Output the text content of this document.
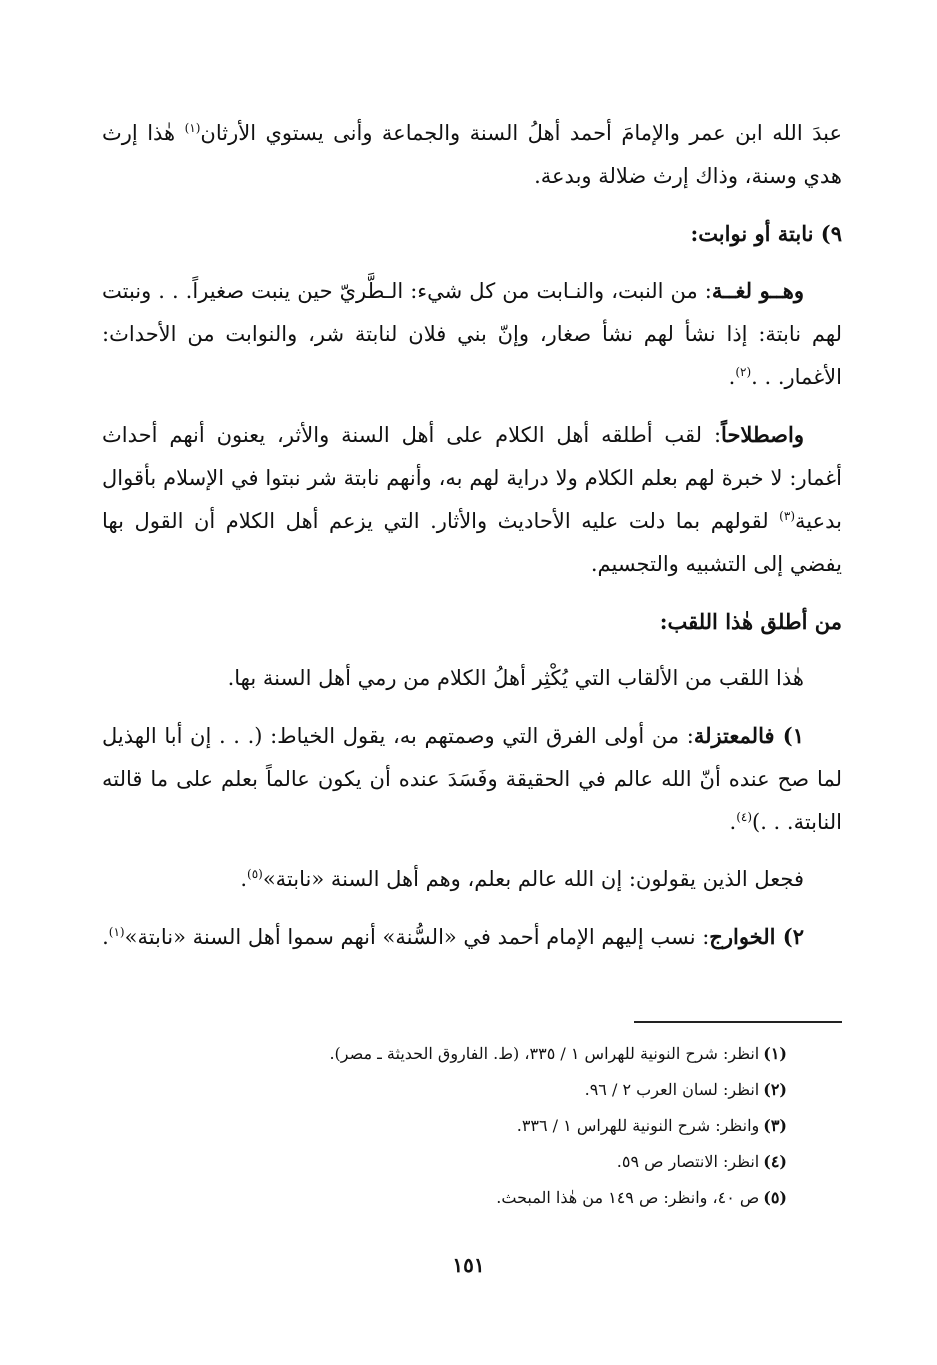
عبدَ الله ابن عمر والإمامَ أحمد أهلُ السنة والجماعة وأنى يستوي الأرثان$^{(١)}$ هٰذا إرث هدي وسنة، وذاك إرث ضلالة وبدعة.

٩) نابتة أو نوابت:

وهــو لغــة: من النبت، والنـابت من كل شيء: الـطَّريّ حين ينبت صغيراً. . . ونبتت لهم نابتة: إذا نشأ لهم نشأ صغار، وإنّ بني فلان لنابتة شر، والنوابت من الأحداث: الأغمار. . .$^{(٢)}$.

واصطلاحاً: لقب أطلقه أهل الكلام على أهل السنة والأثر، يعنون أنهم أحداث أغمار: لا خبرة لهم بعلم الكلام ولا دراية لهم به، وأنهم نابتة شر نبتوا في الإسلام بأقوال بدعية$^{(٣)}$ لقولهم بما دلت عليه الأحاديث والأثار. التي يزعم أهل الكلام أن القول بها يفضي إلى التشبيه والتجسيم.

من أطلق هٰذا اللقب:

هٰذا اللقب من الألقاب التي يُكْثِر أهلُ الكلام من رمي أهل السنة بها.

١) فالمعتزلة: من أولى الفرق التي وصمتهم به، يقول الخياط: (. . . إن أبا الهذيل لما صح عنده أنّ الله عالم في الحقيقة وفَسَدَ عنده أن يكون عالماً بعلم على ما قالته النابتة. . .)$^{(٤)}$.

فجعل الذين يقولون: إن الله عالم بعلم، وهم أهل السنة «نابتة»$^{(٥)}$.

٢) الخوارج: نسب إليهم الإمام أحمد في «السُّنة» أنهم سموا أهل السنة «نابتة»$^{(١)}$.

(١)انظر: شرح النونية للهراس ١ / ٣٣٥، (ط. الفاروق الحديثة ـ مصر).

(٢)انظر: لسان العرب ٢ / ٩٦.

(٣)وانظر: شرح النونية للهراس ١ / ٣٣٦.

(٤)انظر: الانتصار ص ٥٩.

(٥)ص ٤٠، وانظر: ص ١٤٩ من هٰذا المبحث.

١٥١
